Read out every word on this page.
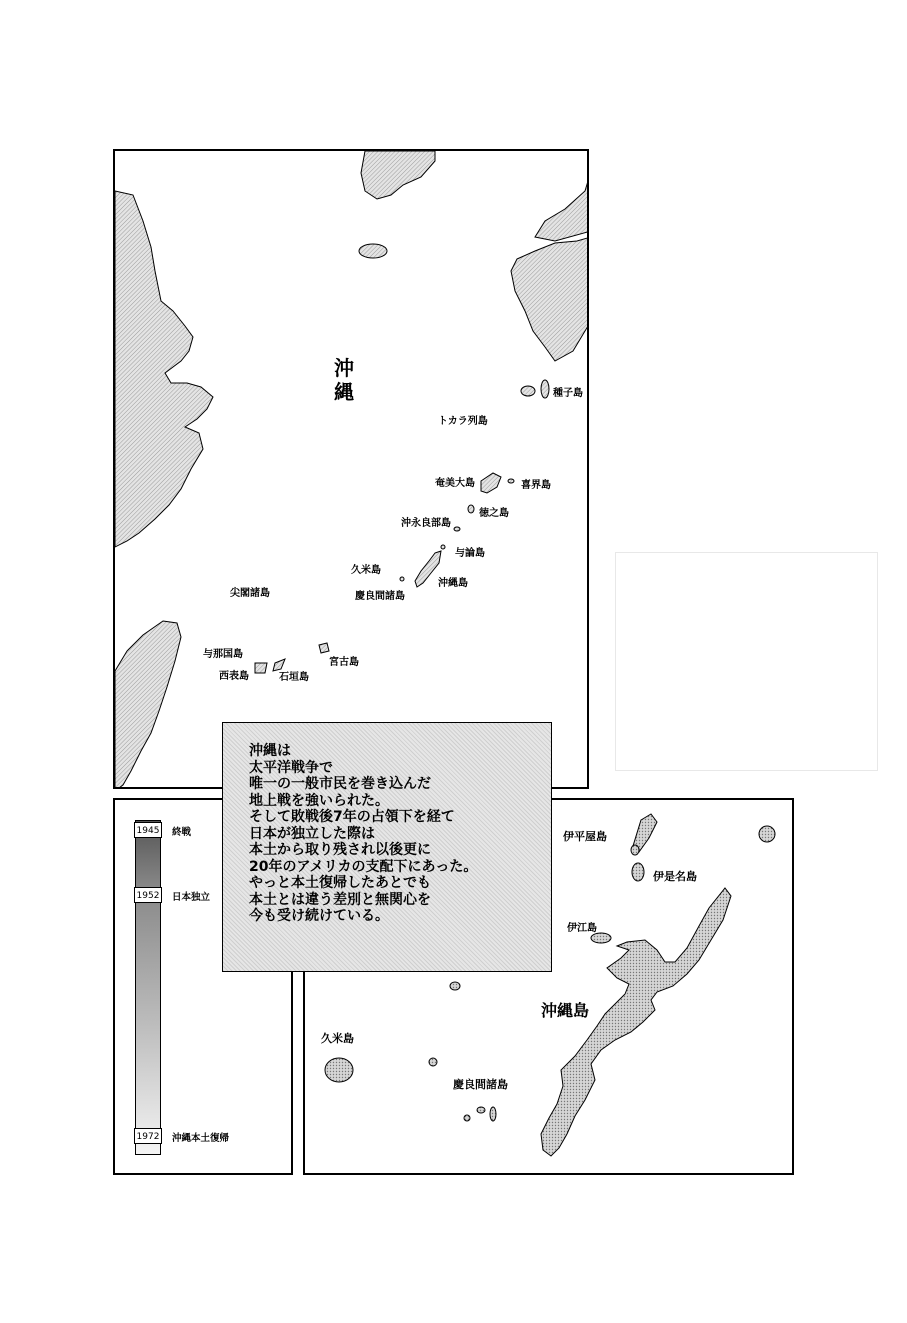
沖縄	種子島
トカラ列島
奄美大島	喜界島
徳之島
沖永良部島
与論島
久米島
沖縄島
慶良間諸島
尖閣諸島
与那国島
宮古島
西表島	石垣島
1945 終戦
1952 日本独立
1972 沖縄本土復帰
伊平屋島
伊是名島
伊江島
沖縄島
久米島
慶良間諸島
沖縄は
太平洋戦争で
唯一の一般市民を巻き込んだ
地上戦を強いられた。
そして敗戦後7年の占領下を経て
日本が独立した際は
本土から取り残され以後更に
20年のアメリカの支配下にあった。
やっと本土復帰したあとでも
本土とは違う差別と無関心を
今も受け続けている。
